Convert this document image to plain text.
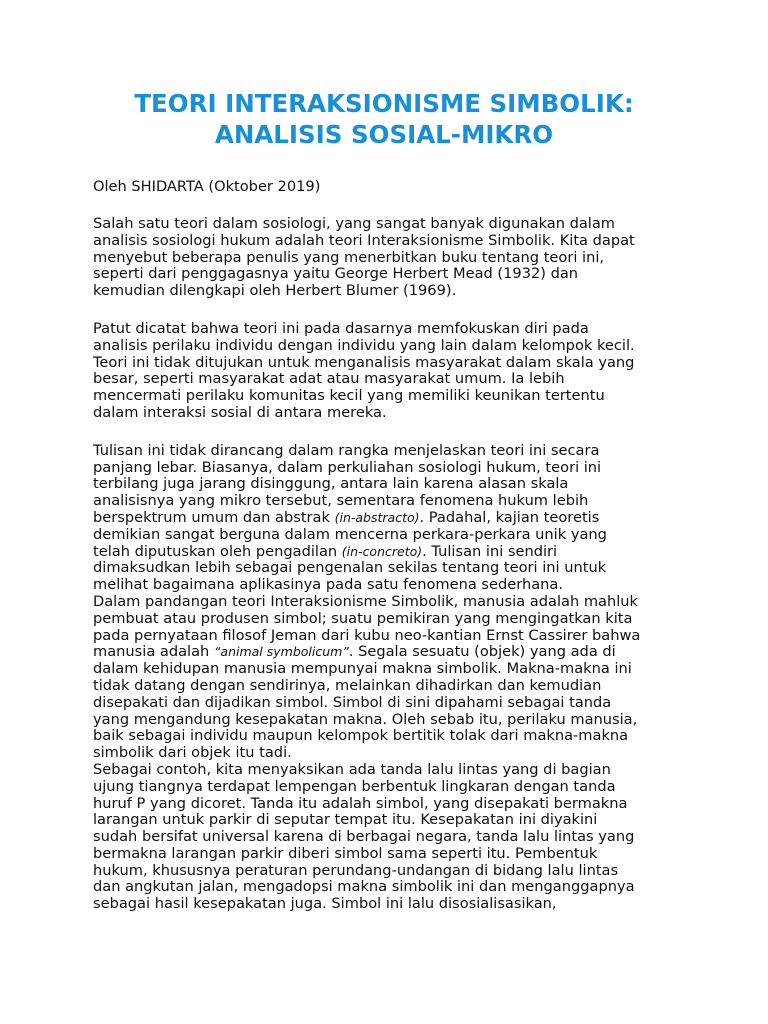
TEORI INTERAKSIONISME SIMBOLIK:
ANALISIS SOSIAL-MIKRO

Oleh SHIDARTA (Oktober 2019)

Salah satu teori dalam sosiologi, yang sangat banyak digunakan dalam
analisis sosiologi hukum adalah teori Interaksionisme Simbolik. Kita dapat
menyebut beberapa penulis yang menerbitkan buku tentang teori ini,
seperti dari penggagasnya yaitu George Herbert Mead (1932) dan
kemudian dilengkapi oleh Herbert Blumer (1969).

Patut dicatat bahwa teori ini pada dasarnya memfokuskan diri pada
analisis perilaku individu dengan individu yang lain dalam kelompok kecil.
Teori ini tidak ditujukan untuk menganalisis masyarakat dalam skala yang
besar, seperti masyarakat adat atau masyarakat umum. Ia lebih
mencermati perilaku komunitas kecil yang memiliki keunikan tertentu
dalam interaksi sosial di antara mereka.

Tulisan ini tidak dirancang dalam rangka menjelaskan teori ini secara
panjang lebar. Biasanya, dalam perkuliahan sosiologi hukum, teori ini
terbilang juga jarang disinggung, antara lain karena alasan skala
analisisnya yang mikro tersebut, sementara fenomena hukum lebih
berspektrum umum dan abstrak (in-abstracto). Padahal, kajian teoretis
demikian sangat berguna dalam mencerna perkara-perkara unik yang
telah diputuskan oleh pengadilan (in-concreto). Tulisan ini sendiri
dimaksudkan lebih sebagai pengenalan sekilas tentang teori ini untuk
melihat bagaimana aplikasinya pada satu fenomena sederhana.
Dalam pandangan teori Interaksionisme Simbolik, manusia adalah mahluk
pembuat atau produsen simbol; suatu pemikiran yang mengingatkan kita
pada pernyataan filosof Jeman dari kubu neo-kantian Ernst Cassirer bahwa
manusia adalah “animal symbolicum”. Segala sesuatu (objek) yang ada di
dalam kehidupan manusia mempunyai makna simbolik. Makna-makna ini
tidak datang dengan sendirinya, melainkan dihadirkan dan kemudian
disepakati dan dijadikan simbol. Simbol di sini dipahami sebagai tanda
yang mengandung kesepakatan makna. Oleh sebab itu, perilaku manusia,
baik sebagai individu maupun kelompok bertitik tolak dari makna-makna
simbolik dari objek itu tadi.
Sebagai contoh, kita menyaksikan ada tanda lalu lintas yang di bagian
ujung tiangnya terdapat lempengan berbentuk lingkaran dengan tanda
huruf P yang dicoret. Tanda itu adalah simbol, yang disepakati bermakna
larangan untuk parkir di seputar tempat itu. Kesepakatan ini diyakini
sudah bersifat universal karena di berbagai negara, tanda lalu lintas yang
bermakna larangan parkir diberi simbol sama seperti itu. Pembentuk
hukum, khususnya peraturan perundang-undangan di bidang lalu lintas
dan angkutan jalan, mengadopsi makna simbolik ini dan menganggapnya
sebagai hasil kesepakatan juga. Simbol ini lalu disosialisasikan,
